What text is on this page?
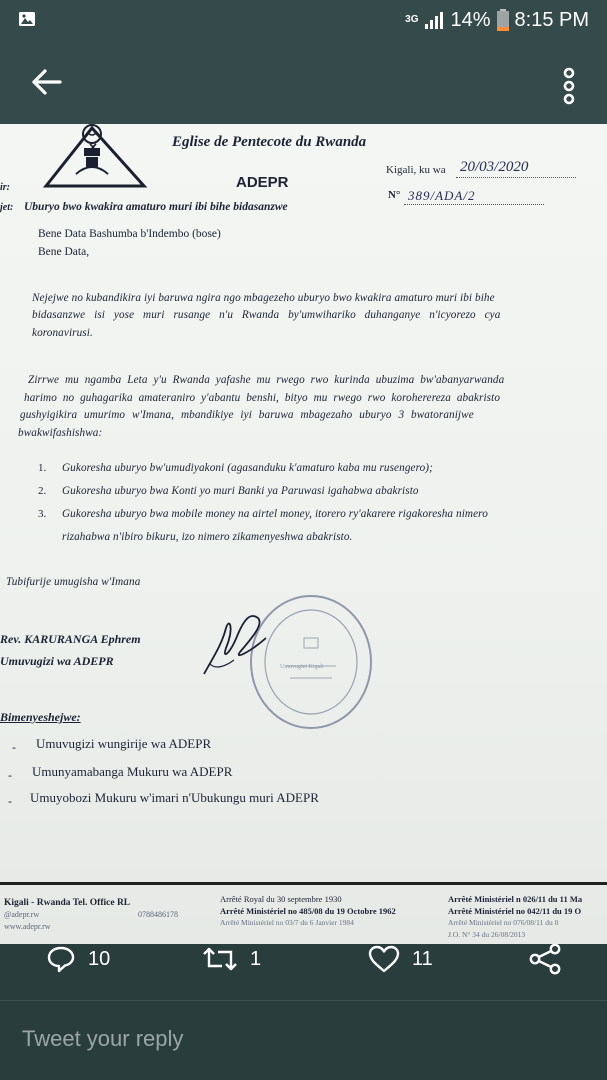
3G 14% 8:15 PM
Eglise de Pentecote du Rwanda
ADEPR
Kigali, ku wa 20/03/2020
N° 389/ADA/2
ir:
jet: Uburyo bwo kwakira amaturo muri ibi bihe bidasanzwe
Bene Data Bashumba b'Indembo (bose)
Bene Data,
Nejejwe no kubandikira iyi baruwa ngira ngo mbagezeho uburyo bwo kwakira amaturo muri ibi bihe
bidasanzwe isi yose muri rusange n'u Rwanda by'umwihariko duhanganye n'icyorezo cya
koronavirusi.
Zirrwe mu ngamba Leta y'u Rwanda yafashe mu rwego rwo kurinda ubuzima bw'abanyarwanda
harimo no guhagarika amateraniro y'abantu benshi, bityo mu rwego rwo koroherereza abakristo
gushyigikira umurimo w'Imana, mbandikiye iyi baruwa mbagezaho uburyo 3 bwatoranijwe
bwakwifashishwa:
1. Gukoresha uburyo bw'umudiyakoni (agasanduku k'amaturo kaba mu rusengero);
2. Gukoresha uburyo bwa Konti yo muri Banki ya Paruwasi igahabwa abakristo
3. Gukoresha uburyo bwa mobile money na airtel money, itorero ry'akarere rigakoresha nimero
rizahabwa n'ibiro bikuru, izo nimero zikamenyeshwa abakristo.
Tubifurije umugisha w'Imana
Umuvugizi Kigali
Rev. KARURANGA Ephrem
Umuvugizi wa ADEPR
Bimenyeshejwe:
- Umuvugizi wungirije wa ADEPR
- Umunyamabanga Mukuru wa ADEPR
- Umuyobozi Mukuru w'imari n'Ubukungu muri ADEPR
Kigali - Rwanda Tel. Office RL
@adepr.rw
www.adepr.rw
0788486178
Arrêté Royal du 30 septembre 1930
Arrêté Ministériel no 485/08 du 19 Octobre 1962
Arrêté Ministériel no 03/7 du 6 Janvier 1984
Arrêté Ministériel n 026/11 du 11 Ma
Arrêté Ministériel no 042/11 du 19 O
Arrêté Ministériel no 076/08/11 du 0
J.O. N° 34 du 26/08/2013
10	1	11
Tweet your reply
